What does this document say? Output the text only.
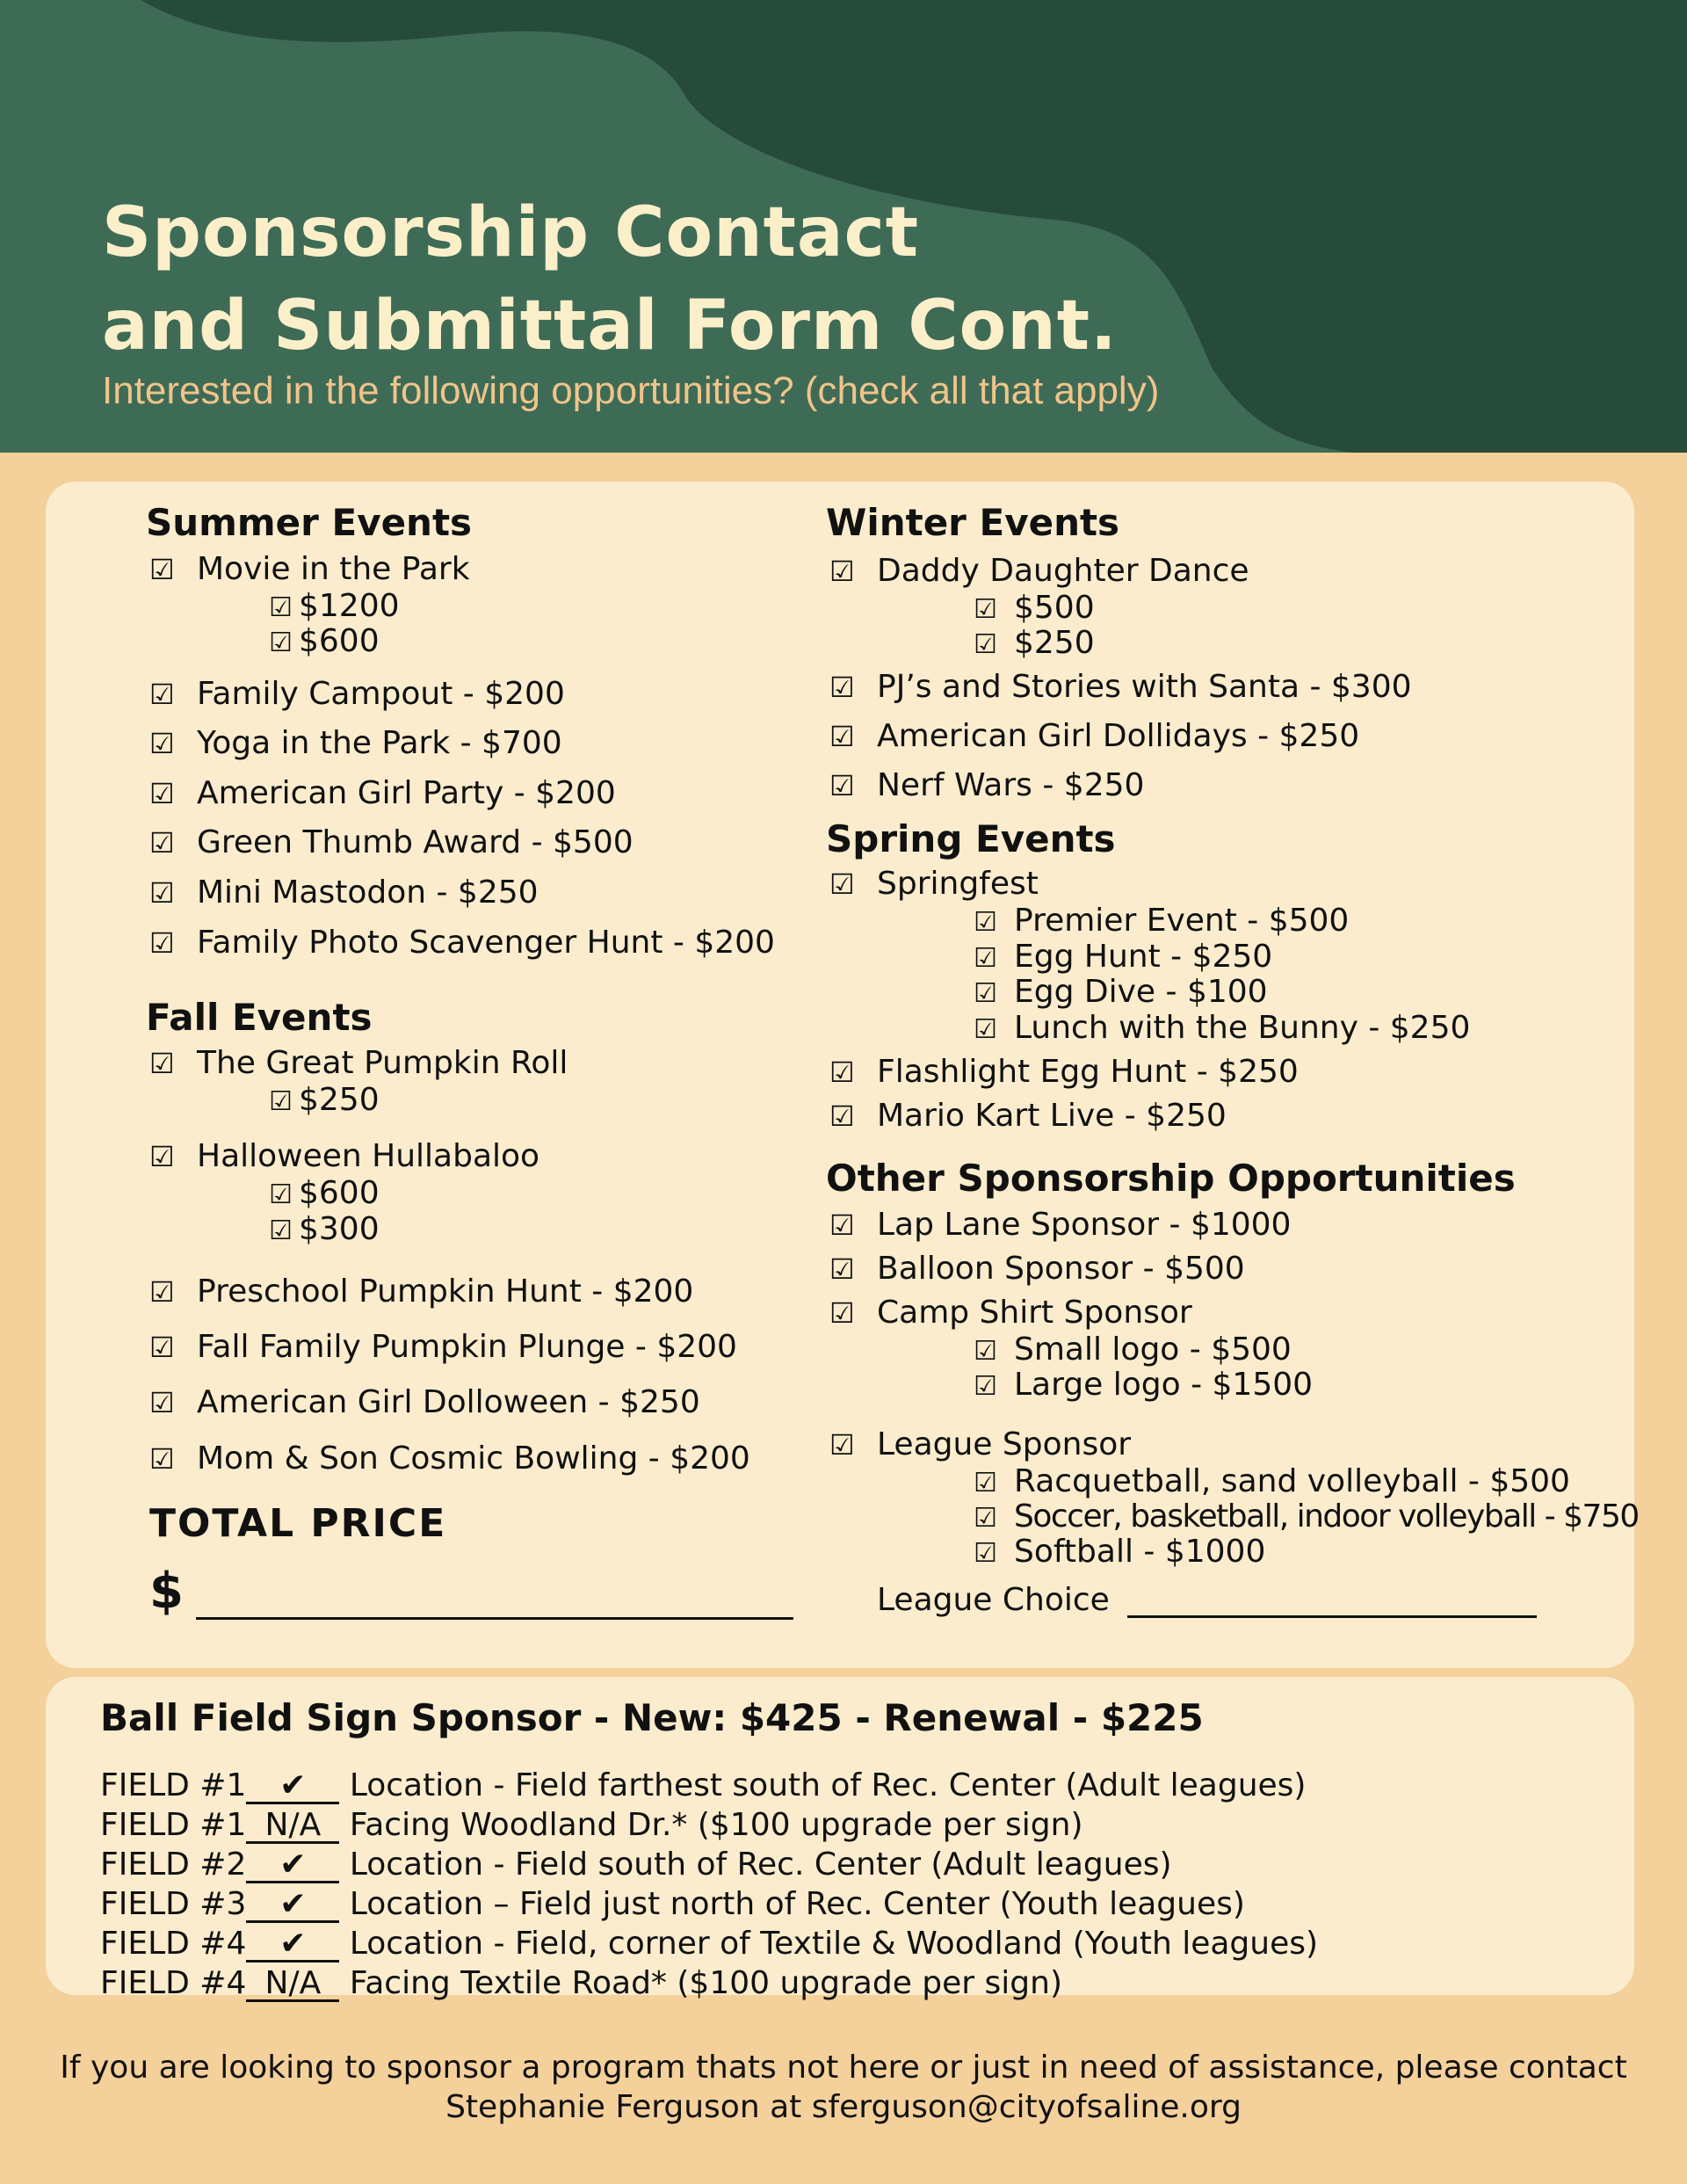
Sponsorship Contact
and Submittal Form Cont.

Interested in the following opportunities? (check all that apply)

Summer Events
☑ Movie in the Park
☑ $1200
☑ $600
☑ Family Campout - $200
☑ Yoga in the Park - $700
☑ American Girl Party - $200
☑ Green Thumb Award - $500
☑ Mini Mastodon - $250
☑ Family Photo Scavenger Hunt - $200
Fall Events
☑ The Great Pumpkin Roll
☑ $250
☑ Halloween Hullabaloo
☑ $600
☑ $300
☑ Preschool Pumpkin Hunt - $200
☑ Fall Family Pumpkin Plunge - $200
☑ American Girl Dolloween - $250
☑ Mom & Son Cosmic Bowling - $200
TOTAL PRICE
$
Winter Events
☑ Daddy Daughter Dance
☑ $500
☑ $250
☑ PJ’s and Stories with Santa - $300
☑ American Girl Dollidays - $250
☑ Nerf Wars - $250
Spring Events
☑ Springfest
☑ Premier Event - $500
☑ Egg Hunt - $250
☑ Egg Dive - $100
☑ Lunch with the Bunny - $250
☑ Flashlight Egg Hunt - $250
☑ Mario Kart Live - $250
Other Sponsorship Opportunities
☑ Lap Lane Sponsor - $1000
☑ Balloon Sponsor - $500
☑ Camp Shirt Sponsor
☑ Small logo - $500
☑ Large logo - $1500
☑ League Sponsor
☑ Racquetball, sand volleyball - $500
☑ Soccer, basketball, indoor volleyball - $750
☑ Softball - $1000
League Choice
Ball Field Sign Sponsor - New: $425 - Renewal - $225
FIELD #1 ✔ Location - Field farthest south of Rec. Center (Adult leagues)
FIELD #1 N/A Facing Woodland Dr.* ($100 upgrade per sign)
FIELD #2 ✔ Location - Field south of Rec. Center (Adult leagues)
FIELD #3 ✔ Location – Field just north of Rec. Center (Youth leagues)
FIELD #4 ✔ Location - Field, corner of Textile & Woodland (Youth leagues)
FIELD #4 N/A Facing Textile Road* ($100 upgrade per sign)

If you are looking to sponsor a program thats not here or just in need of assistance, please contact

Stephanie Ferguson at sferguson@cityofsaline.org
